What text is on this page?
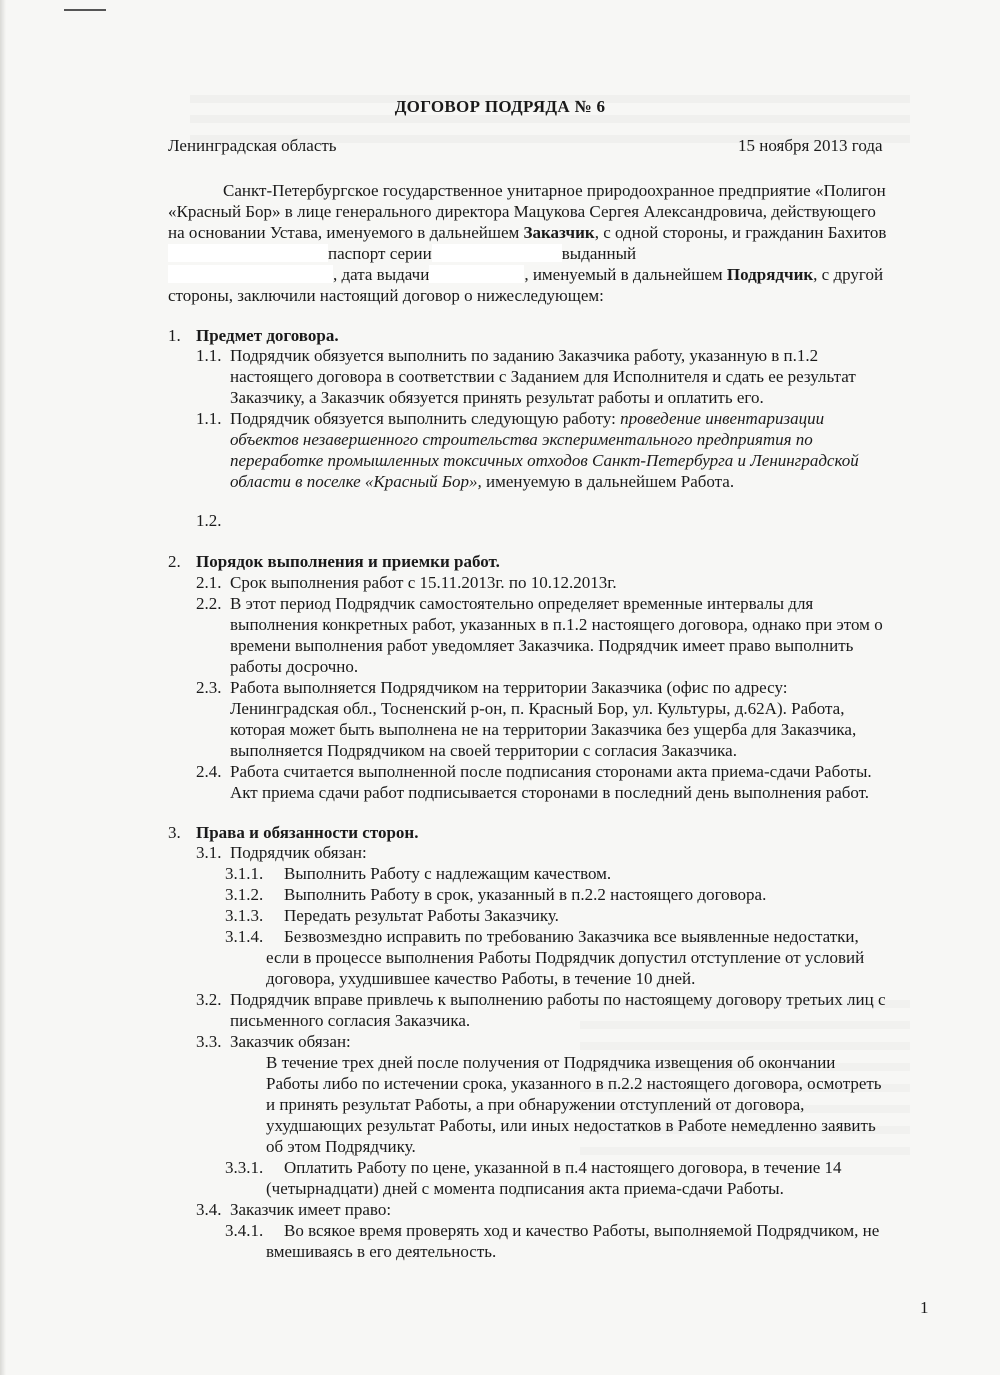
ДОГОВОР ПОДРЯДА № 6
Ленинградская область	15 ноября 2013 года
Санкт-Петербургское государственное унитарное природоохранное предприятие «Полигон
«Красный Бор» в лице генерального директора Мацукова Сергея Александровича, действующего
на основании Устава, именуемого в дальнейшем Заказчик, с одной стороны, и гражданин Бахитов
паспорт серии	выданный
, дата выдачи	, именуемый в дальнейшем Подрядчик, с другой
стороны, заключили настоящий договор о нижеследующем:
1. Предмет договора.
1.1. Подрядчик обязуется выполнить по заданию Заказчика работу, указанную в п.1.2
настоящего договора в соответствии с Заданием для Исполнителя и сдать ее результат
Заказчику, а Заказчик обязуется принять результат работы и оплатить его.
1.1. Подрядчик обязуется выполнить следующую работу: проведение инвентаризации
объектов незавершенного строительства экспериментального предприятия по
переработке промышленных токсичных отходов Санкт-Петербурга и Ленинградской
области в поселке «Красный Бор», именуемую в дальнейшем Работа.
1.2.
2. Порядок выполнения и приемки работ.
2.1. Срок выполнения работ с 15.11.2013г. по 10.12.2013г.
2.2. В этот период Подрядчик самостоятельно определяет временные интервалы для
выполнения конкретных работ, указанных в п.1.2 настоящего договора, однако при этом о
времени выполнения работ уведомляет Заказчика. Подрядчик имеет право выполнить
работы досрочно.
2.3. Работа выполняется Подрядчиком на территории Заказчика (офис по адресу:
Ленинградская обл., Тосненский р-он, п. Красный Бор, ул. Культуры, д.62А). Работа,
которая может быть выполнена не на территории Заказчика без ущерба для Заказчика,
выполняется Подрядчиком на своей территории с согласия Заказчика.
2.4. Работа считается выполненной после подписания сторонами акта приема-сдачи Работы.
Акт приема сдачи работ подписывается сторонами в последний день выполнения работ.
3. Права и обязанности сторон.
3.1. Подрядчик обязан:
3.1.1. Выполнить Работу с надлежащим качеством.
3.1.2. Выполнить Работу в срок, указанный в п.2.2 настоящего договора.
3.1.3. Передать результат Работы Заказчику.
3.1.4. Безвозмездно исправить по требованию Заказчика все выявленные недостатки,
если в процессе выполнения Работы Подрядчик допустил отступление от условий
договора, ухудшившее качество Работы, в течение 10 дней.
3.2. Подрядчик вправе привлечь к выполнению работы по настоящему договору третьих лиц с
письменного согласия Заказчика.
3.3. Заказчик обязан:
В течение трех дней после получения от Подрядчика извещения об окончании
Работы либо по истечении срока, указанного в п.2.2 настоящего договора, осмотреть
и принять результат Работы, а при обнаружении отступлений от договора,
ухудшающих результат Работы, или иных недостатков в Работе немедленно заявить
об этом Подрядчику.
3.3.1. Оплатить Работу по цене, указанной в п.4 настоящего договора, в течение 14
(четырнадцати) дней с момента подписания акта приема-сдачи Работы.
3.4. Заказчик имеет право:
3.4.1. Во всякое время проверять ход и качество Работы, выполняемой Подрядчиком, не
вмешиваясь в его деятельность.
1
